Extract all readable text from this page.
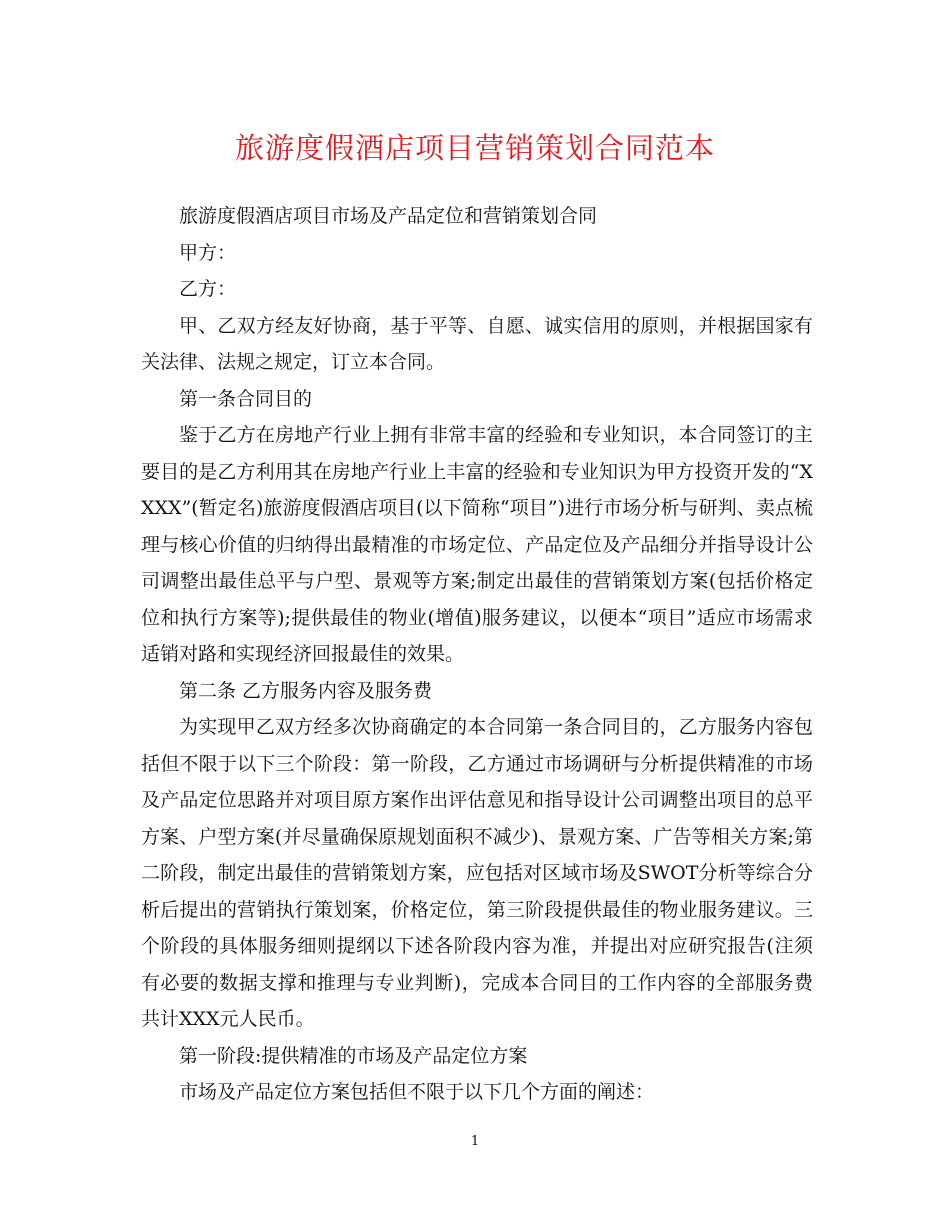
旅游度假酒店项目营销策划合同范本

旅游度假酒店项目市场及产品定位和营销策划合同

甲方：

乙方：

甲、乙双方经友好协商，基于平等、自愿、诚实信用的原则，并根据国家有关法律、法规之规定，订立本合同。

第一条合同目的

鉴于乙方在房地产行业上拥有非常丰富的经验和专业知识，本合同签订的主要目的是乙方利用其在房地产行业上丰富的经验和专业知识为甲方投资开发的“XXXX”(暂定名)旅游度假酒店项目(以下简称“项目”)进行市场分析与研判、卖点梳理与核心价值的归纳得出最精准的市场定位、产品定位及产品细分并指导设计公司调整出最佳总平与户型、景观等方案;制定出最佳的营销策划方案(包括价格定位和执行方案等);提供最佳的物业(增值)服务建议，以便本“项目”适应市场需求适销对路和实现经济回报最佳的效果。

第二条 乙方服务内容及服务费

为实现甲乙双方经多次协商确定的本合同第一条合同目的，乙方服务内容包括但不限于以下三个阶段：第一阶段，乙方通过市场调研与分析提供精准的市场及产品定位思路并对项目原方案作出评估意见和指导设计公司调整出项目的总平方案、户型方案(并尽量确保原规划面积不减少)、景观方案、广告等相关方案;第二阶段，制定出最佳的营销策划方案，应包括对区域市场及SWOT分析等综合分析后提出的营销执行策划案，价格定位，第三阶段提供最佳的物业服务建议。三个阶段的具体服务细则提纲以下述各阶段内容为准，并提出对应研究报告(注须有必要的数据支撑和推理与专业判断)，完成本合同目的工作内容的全部服务费共计XXX元人民币。

第一阶段:提供精准的市场及产品定位方案

市场及产品定位方案包括但不限于以下几个方面的阐述：

1
